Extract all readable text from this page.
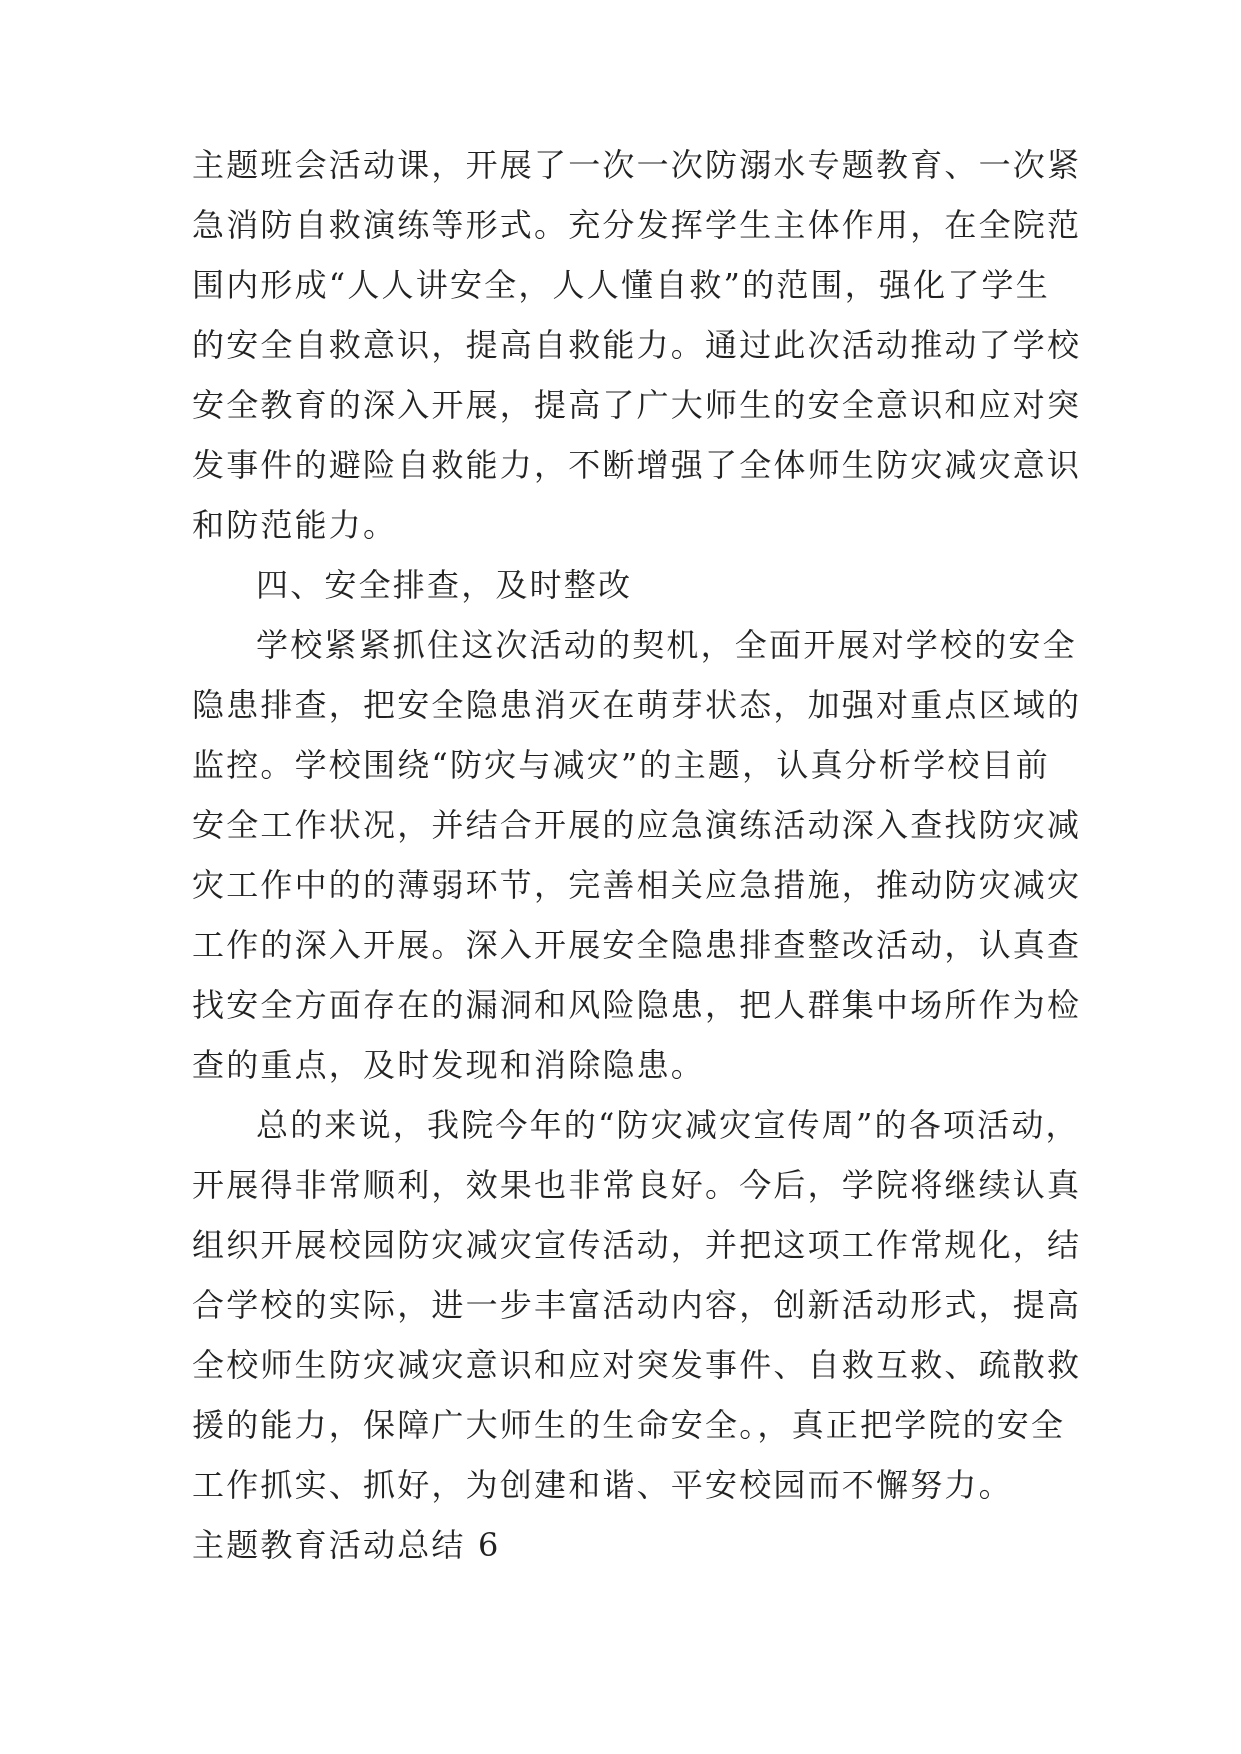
主题班会活动课，开展了一次一次防溺水专题教育、一次紧
急消防自救演练等形式。充分发挥学生主体作用，在全院范
围内形成“人人讲安全，人人懂自救”的范围，强化了学生
的安全自救意识，提高自救能力。通过此次活动推动了学校
安全教育的深入开展，提高了广大师生的安全意识和应对突
发事件的避险自救能力，不断增强了全体师生防灾减灾意识
和防范能力。
四、安全排查，及时整改
学校紧紧抓住这次活动的契机，全面开展对学校的安全
隐患排查，把安全隐患消灭在萌芽状态，加强对重点区域的
监控。学校围绕“防灾与减灾”的主题，认真分析学校目前
安全工作状况，并结合开展的应急演练活动深入查找防灾减
灾工作中的的薄弱环节，完善相关应急措施，推动防灾减灾
工作的深入开展。深入开展安全隐患排查整改活动，认真查
找安全方面存在的漏洞和风险隐患，把人群集中场所作为检
查的重点，及时发现和消除隐患。
总的来说，我院今年的“防灾减灾宣传周”的各项活动，
开展得非常顺利，效果也非常良好。今后，学院将继续认真
组织开展校园防灾减灾宣传活动，并把这项工作常规化，结
合学校的实际，进一步丰富活动内容，创新活动形式，提高
全校师生防灾减灾意识和应对突发事件、自救互救、疏散救
援的能力，保障广大师生的生命安全。，真正把学院的安全
工作抓实、抓好，为创建和谐、平安校园而不懈努力。
主题教育活动总结 6
